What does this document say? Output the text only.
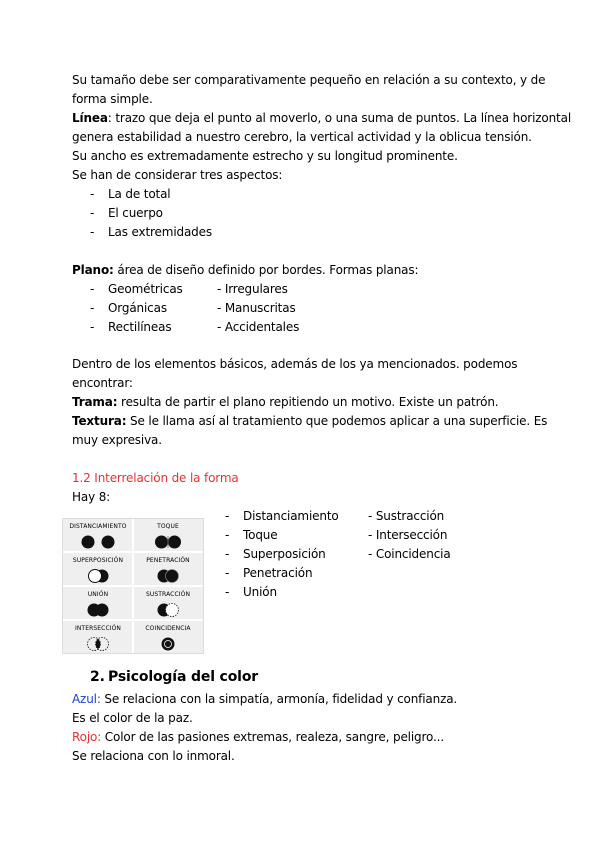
Su tamaño debe ser comparativamente pequeño en relación a su contexto, y de
forma simple.
Línea: trazo que deja el punto al moverlo, o una suma de puntos. La línea horizontal
genera estabilidad a nuestro cerebro, la vertical actividad y la oblicua tensión.
Su ancho es extremadamente estrecho y su longitud prominente.
Se han de considerar tres aspectos:
- La de total
- El cuerpo
- Las extremidades
Plano: área de diseño definido por bordes. Formas planas:
- Geométricas	- Irregulares
- Orgánicas	- Manuscritas
- Rectilíneas	- Accidentales
Dentro de los elementos básicos, además de los ya mencionados. podemos
encontrar:
Trama: resulta de partir el plano repitiendo un motivo. Existe un patrón.
Textura: Se le llama así al tratamiento que podemos aplicar a una superficie. Es
muy expresiva.
1.2 Interrelación de la forma
Hay 8:
DISTANCIAMIENTO	TOQUE
SUPERPOSICIÓN	PENETRACIÓN
UNIÓN	SUSTRACCIÓN
INTERSECCIÓN	COINCIDENCIA
- Distanciamiento
- Toque
- Superposición
- Penetración
- Unión
- Sustracción
- Intersección
- Coincidencia
2. Psicología del color
Azul: Se relaciona con la simpatía, armonía, fidelidad y confianza.
Es el color de la paz.
Rojo: Color de las pasiones extremas, realeza, sangre, peligro...
Se relaciona con lo inmoral.
